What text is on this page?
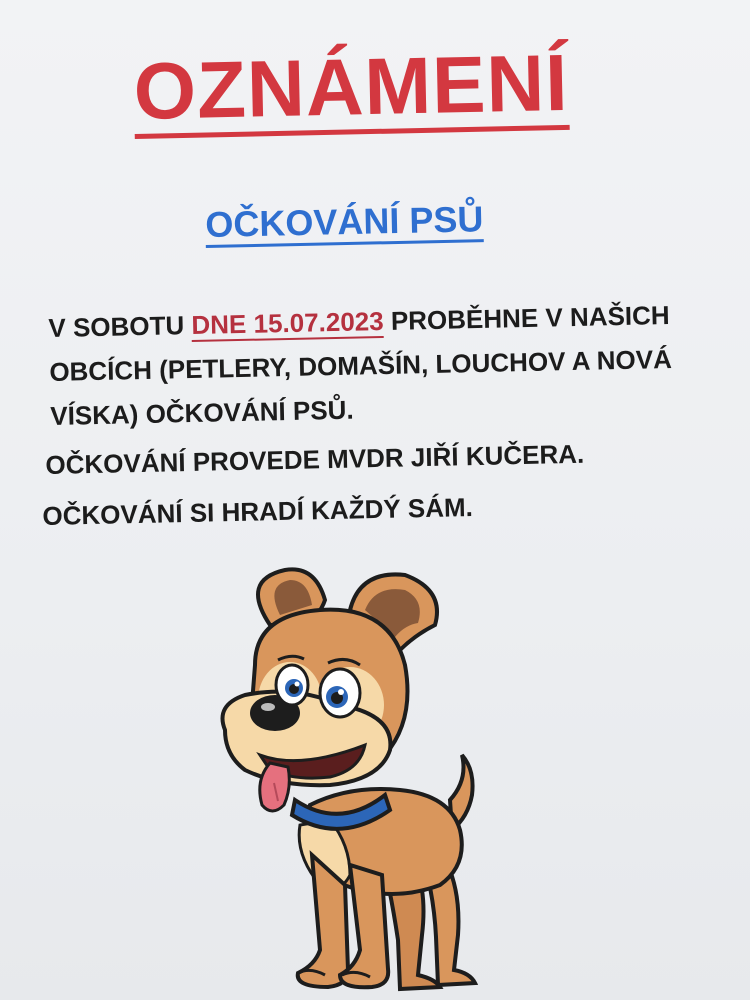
OZNÁMENÍ
OČKOVÁNÍ PSŮ
V SOBOTU DNE 15.07.2023 PROBĚHNE V NAŠICH
OBCÍCH (PETLERY, DOMAŠÍN, LOUCHOV A NOVÁ
VÍSKA) OČKOVÁNÍ PSŮ.
OČKOVÁNÍ PROVEDE MVDR JIŘÍ KUČERA.
OČKOVÁNÍ SI HRADÍ KAŽDÝ SÁM.
